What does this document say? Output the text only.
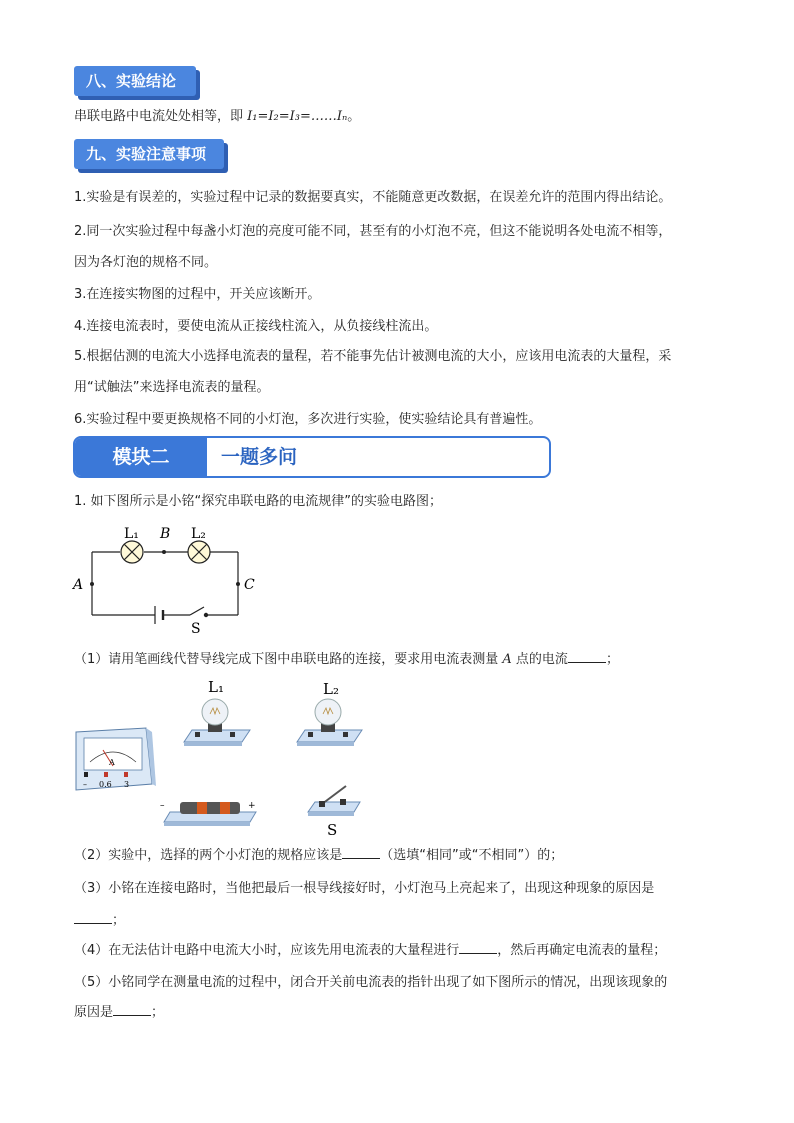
八、实验结论
串联电路中电流处处相等，即 I₁=I₂=I₃=……Iₙ。
九、实验注意事项
1.实验是有误差的，实验过程中记录的数据要真实，不能随意更改数据，在误差允许的范围内得出结论。
2.同一次实验过程中每盏小灯泡的亮度可能不同，甚至有的小灯泡不亮，但这不能说明各处电流不相等，
因为各灯泡的规格不同。
3.在连接实物图的过程中，开关应该断开。
4.连接电流表时，要使电流从正接线柱流入，从负接线柱流出。
5.根据估测的电流大小选择电流表的量程，若不能事先估计被测电流的大小，应该用电流表的大量程，采
用“试触法”来选择电流表的量程。
6.实验过程中要更换规格不同的小灯泡，多次进行实验，使实验结论具有普遍性。
模块二	一题多问
1. 如下图所示是小铭“探究串联电路的电流规律”的实验电路图；
L₁ B L₂
A	C
S
（1）请用笔画线代替导线完成下图中串联电路的连接，要求用电流表测量 A 点的电流	；
L₁	L₂
A
– 0.6 3
–	+
S
（2）实验中，选择的两个小灯泡的规格应该是	（选填“相同”或“不相同”）的；
（3）小铭在连接电路时，当他把最后一根导线接好时，小灯泡马上亮起来了，出现这种现象的原因是
；
（4）在无法估计电路中电流大小时，应该先用电流表的大量程进行	，然后再确定电流表的量程；
（5）小铭同学在测量电流的过程中，闭合开关前电流表的指针出现了如下图所示的情况，出现该现象的
原因是	；
